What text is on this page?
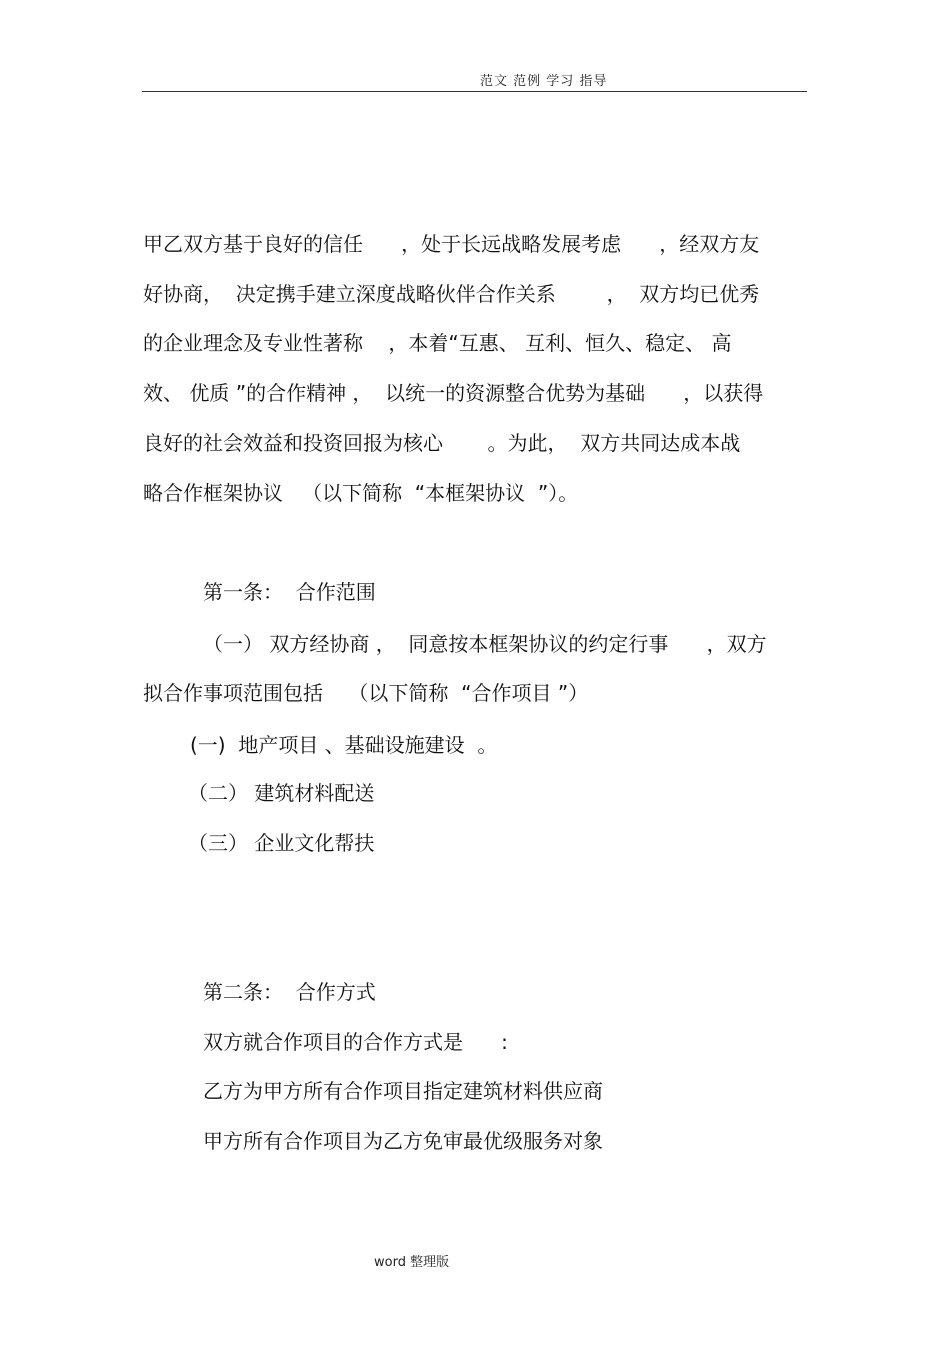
范文 范例 学习 指导
甲乙双方基于良好的信任      ，处于长远战略发展考虑      ，经双方友
好协商，  决定携手建立深度战略伙伴合作关系        ，  双方均已优秀
的企业理念及专业性著称    ，本着“互惠、 互利、恒久、稳定、 高
效、 优质 ”的合作精神 ，  以统一的资源整合优势为基础      ，以获得
良好的社会效益和投资回报为核心       。为此，  双方共同达成本战
略合作框架协议   （以下简称  “本框架协议  ”）。
第一条：  合作范围
（一） 双方经协商 ，  同意按本框架协议的约定行事      ，双方
拟合作事项范围包括    （以下简称  “合作项目 ”）
(一)  地产项目 、基础设施建设  。
（二） 建筑材料配送
（三） 企业文化帮扶
第二条：  合作方式
双方就合作项目的合作方式是      :
乙方为甲方所有合作项目指定建筑材料供应商
甲方所有合作项目为乙方免审最优级服务对象
word 整理版
